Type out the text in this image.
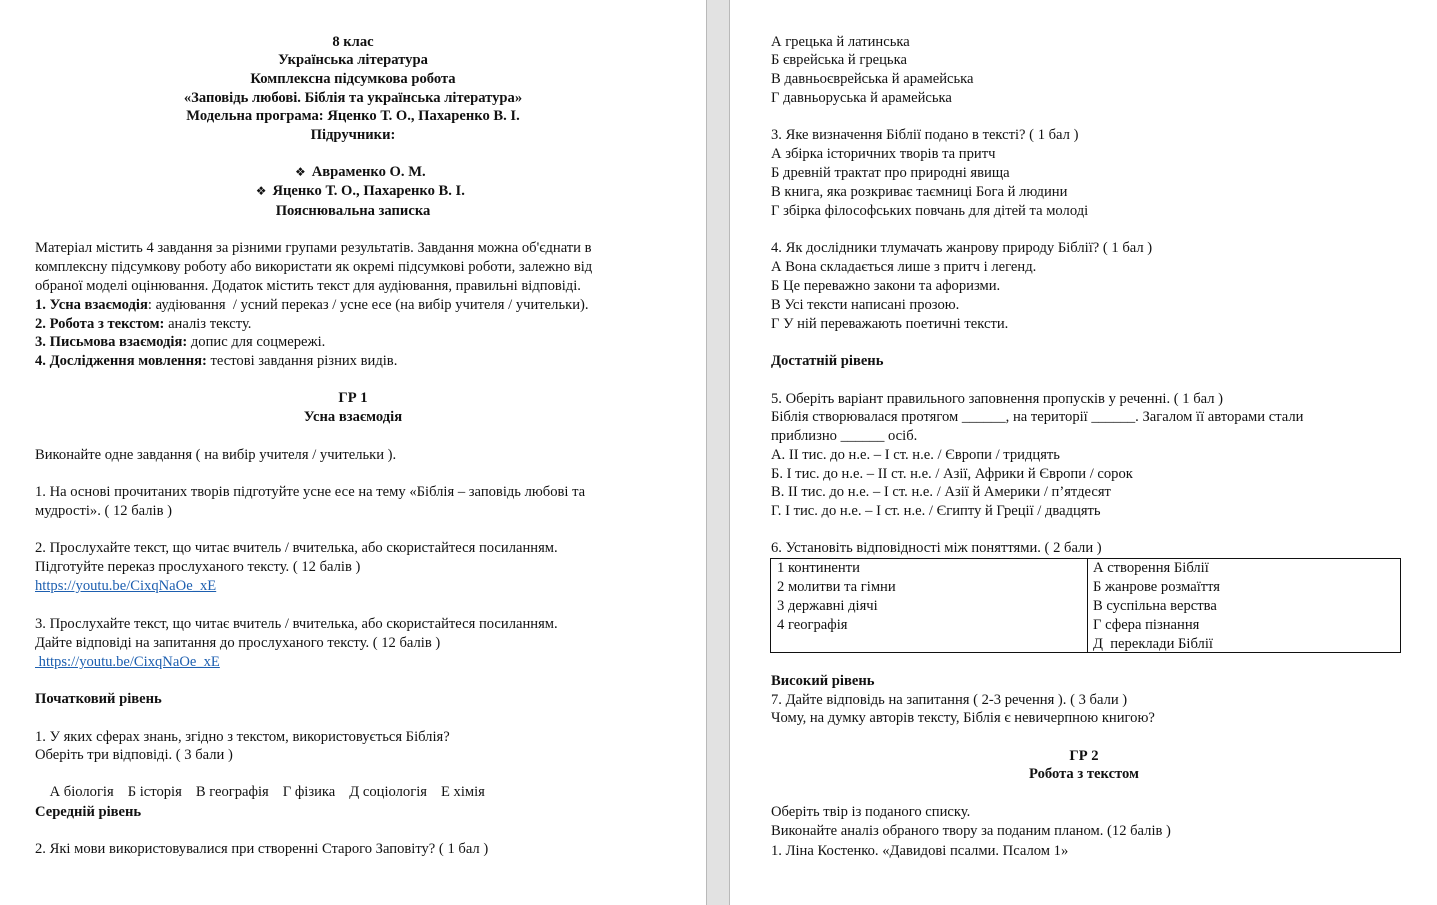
8 клас
Українська література
Комплексна підсумкова робота
«Заповідь любові. Біблія та українська література»
Модельна програма: Яценко Т. О., Пахаренко В. І.
Підручники:

❖ Авраменко О. М.

❖ Яценко Т. О., Пахаренко В. І.

Пояснювальна записка
Матеріал містить 4 завдання за різними групами результатів. Завдання можна об'єднати в
комплексну підсумкову роботу або використати як окремі підсумкові роботи, залежно від
обраної моделі оцінювання. Додаток містить текст для аудіювання, правильні відповіді.
1. Усна взаємодія: аудіювання  / усний переказ / усне есе (на вибір учителя / учительки).
2. Робота з текстом: аналіз тексту.
3. Письмова взаємодія: допис для соцмережі.
4. Дослідження мовлення: тестові завдання різних видів.
ГР 1
Усна взаємодія
Виконайте одне завдання ( на вибір учителя / учительки ).
1. На основі прочитаних творів підготуйте усне есе на тему «Біблія – заповідь любові та
мудрості». ( 12 балів )
2. Прослухайте текст, що читає вчитель / вчителька, або скористайтеся посиланням.
Підготуйте переказ прослуханого тексту. ( 12 балів )
https://youtu.be/CixqNaOe_xE
3. Прослухайте текст, що читає вчитель / вчителька, або скористайтеся посиланням.
Дайте відповіді на запитання до прослуханого тексту. ( 12 балів )
https://youtu.be/CixqNaOe_xE
Початковий рівень
1. У яких сферах знань, згідно з текстом, використовується Біблія?
Оберіть три відповіді. ( 3 бали )

А біологія Б історія В географія Г фізика Д соціологія Е хімія

Середній рівень
2. Які мови використовувалися при створенні Старого Заповіту? ( 1 бал )
А грецька й латинська
Б єврейська й грецька
В давньоєврейська й арамейська
Г давньоруська й арамейська
3. Яке визначення Біблії подано в тексті? ( 1 бал )
А збірка історичних творів та притч
Б древній трактат про природні явища
В книга, яка розкриває таємниці Бога й людини
Г збірка філософських повчань для дітей та молоді
4. Як дослідники тлумачать жанрову природу Біблії? ( 1 бал )
А Вона складається лише з притч і легенд.
Б Це переважно закони та афоризми.
В Усі тексти написані прозою.
Г У ній переважають поетичні тексти.
Достатній рівень
5. Оберіть варіант правильного заповнення пропусків у реченні. ( 1 бал )
Біблія створювалася протягом ______, на території ______. Загалом її авторами стали
приблизно ______ осіб.
А. II тис. до н.е. – I ст. н.е. / Європи / тридцять
Б. I тис. до н.е. – II ст. н.е. / Азії, Африки й Європи / сорок
В. II тис. до н.е. – I ст. н.е. / Азії й Америки / п’ятдесят
Г. I тис. до н.е. – I ст. н.е. / Єгипту й Греції / двадцять
6. Установіть відповідності між поняттями. ( 2 бали )
1 континенти
2 молитви та гімни
3 державні діячі
4 географія
А створення Біблії
Б жанрове розмаїття
В суспільна верства
Г сфера пізнання
Д  переклади Біблії
Високий рівень
7. Дайте відповідь на запитання ( 2-3 речення ). ( 3 бали )
Чому, на думку авторів тексту, Біблія є невичерпною книгою?
ГР 2
Робота з текстом
Оберіть твір із поданого списку.
Виконайте аналіз обраного твору за поданим планом. (12 балів )
1. Ліна Костенко. «Давидові псалми. Псалом 1»
